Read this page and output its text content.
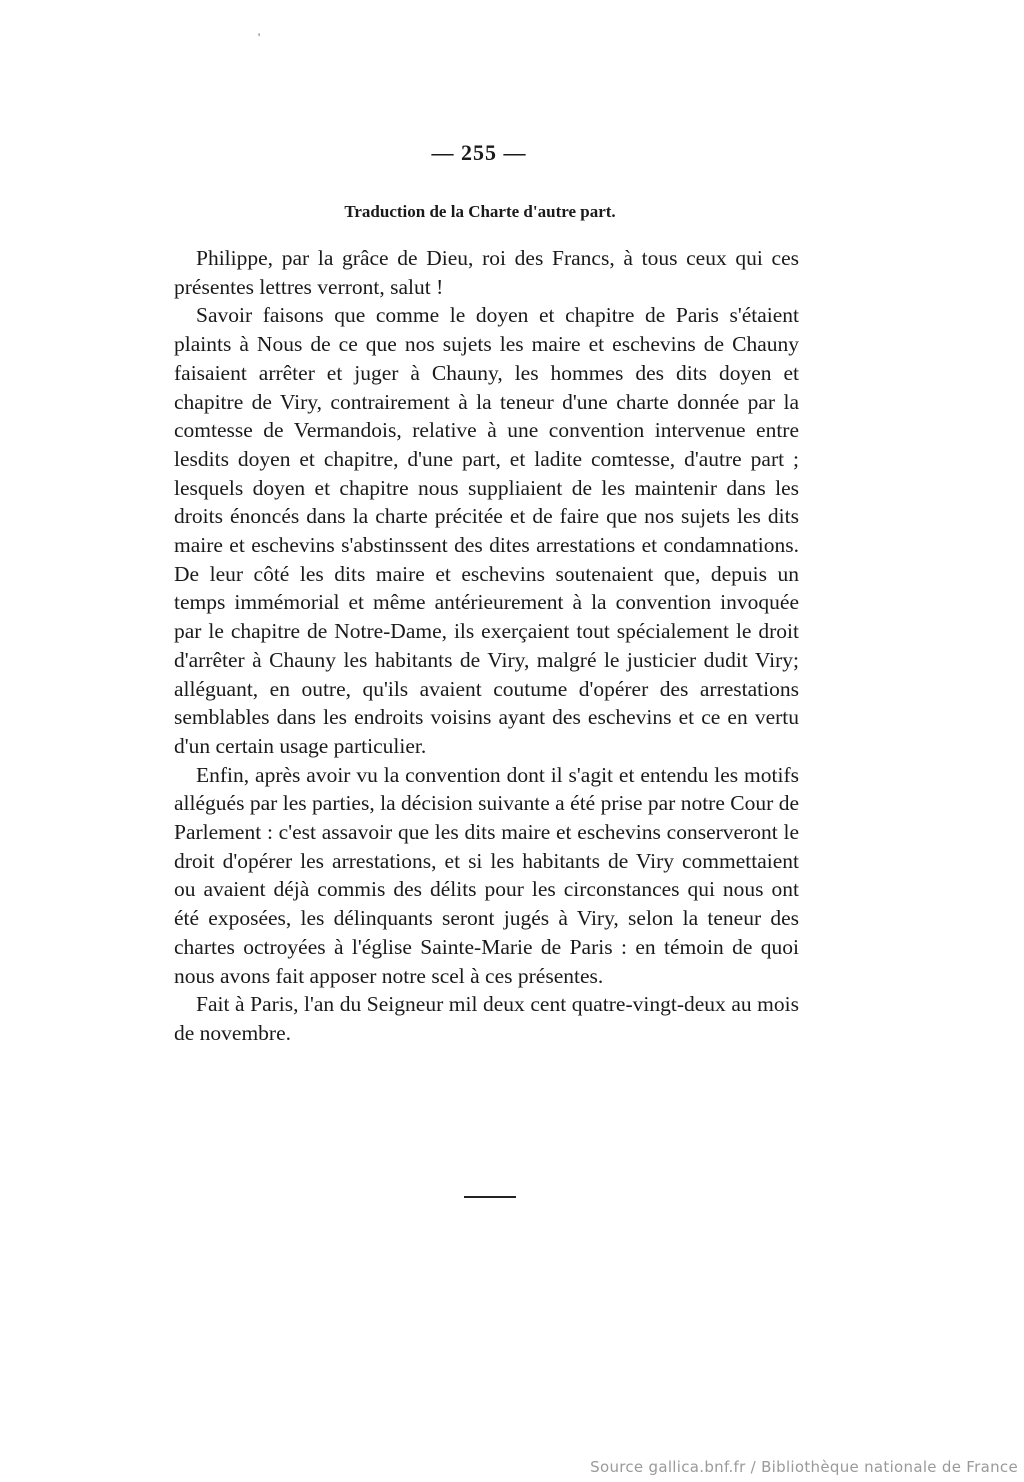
'
— 255 —
Traduction de la Charte d'autre part.

Philippe, par la grâce de Dieu, roi des Francs, à tous ceux qui ces présentes lettres verront, salut !

Savoir faisons que comme le doyen et chapitre de Paris s'étaient plaints à Nous de ce que nos sujets les maire et eschevins de Chauny faisaient arrêter et juger à Chauny, les hommes des dits doyen et chapitre de Viry, contrairement à la teneur d'une charte donnée par la comtesse de Vermandois, relative à une convention intervenue entre lesdits doyen et chapitre, d'une part, et ladite comtesse, d'autre part ; lesquels doyen et chapitre nous suppliaient de les maintenir dans les droits énoncés dans la charte précitée et de faire que nos sujets les dits maire et eschevins s'abstinssent des dites arrestations et condamnations. De leur côté les dits maire et eschevins soutenaient que, depuis un temps immémorial et même antérieurement à la convention invoquée par le chapitre de Notre-Dame, ils exerçaient tout spécialement le droit d'arrêter à Chauny les habitants de Viry, malgré le justicier dudit Viry; alléguant, en outre, qu'ils avaient coutume d'opérer des arrestations semblables dans les endroits voisins ayant des eschevins et ce en vertu d'un certain usage particulier.

Enfin, après avoir vu la convention dont il s'agit et entendu les motifs allégués par les parties, la décision suivante a été prise par notre Cour de Parlement : c'est assavoir que les dits maire et eschevins conserveront le droit d'opérer les arrestations, et si les habitants de Viry commettaient ou avaient déjà commis des délits pour les circonstances qui nous ont été exposées, les délinquants seront jugés à Viry, selon la teneur des chartes octroyées à l'église Sainte-Marie de Paris : en témoin de quoi nous avons fait apposer notre scel à ces présentes.

Fait à Paris, l'an du Seigneur mil deux cent quatre-vingt-deux au mois de novembre.

Source gallica.bnf.fr / Bibliothèque nationale de France
